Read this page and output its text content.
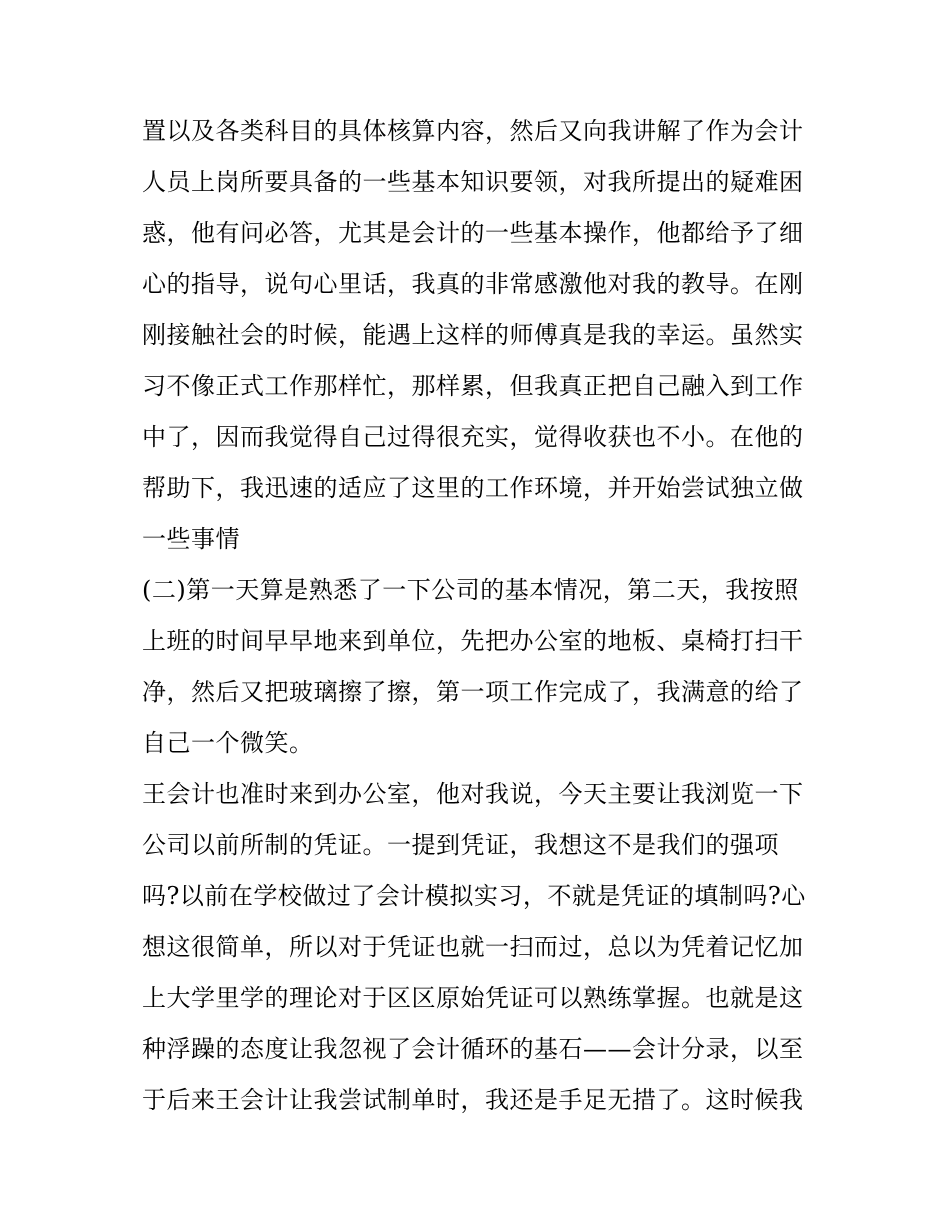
置以及各类科目的具体核算内容，然后又向我讲解了作为会计
人员上岗所要具备的一些基本知识要领，对我所提出的疑难困
惑，他有问必答，尤其是会计的一些基本操作，他都给予了细
心的指导，说句心里话，我真的非常感激他对我的教导。在刚
刚接触社会的时候，能遇上这样的师傅真是我的幸运。虽然实
习不像正式工作那样忙，那样累，但我真正把自己融入到工作
中了，因而我觉得自己过得很充实，觉得收获也不小。在他的
帮助下，我迅速的适应了这里的工作环境，并开始尝试独立做
一些事情
(二)第一天算是熟悉了一下公司的基本情况，第二天，我按照
上班的时间早早地来到单位，先把办公室的地板、桌椅打扫干
净，然后又把玻璃擦了擦，第一项工作完成了，我满意的给了
自己一个微笑。
王会计也准时来到办公室，他对我说，今天主要让我浏览一下
公司以前所制的凭证。一提到凭证，我想这不是我们的强项
吗?以前在学校做过了会计模拟实习，不就是凭证的填制吗?心
想这很简单，所以对于凭证也就一扫而过，总以为凭着记忆加
上大学里学的理论对于区区原始凭证可以熟练掌握。也就是这
种浮躁的态度让我忽视了会计循环的基石——会计分录，以至
于后来王会计让我尝试制单时，我还是手足无措了。这时候我
